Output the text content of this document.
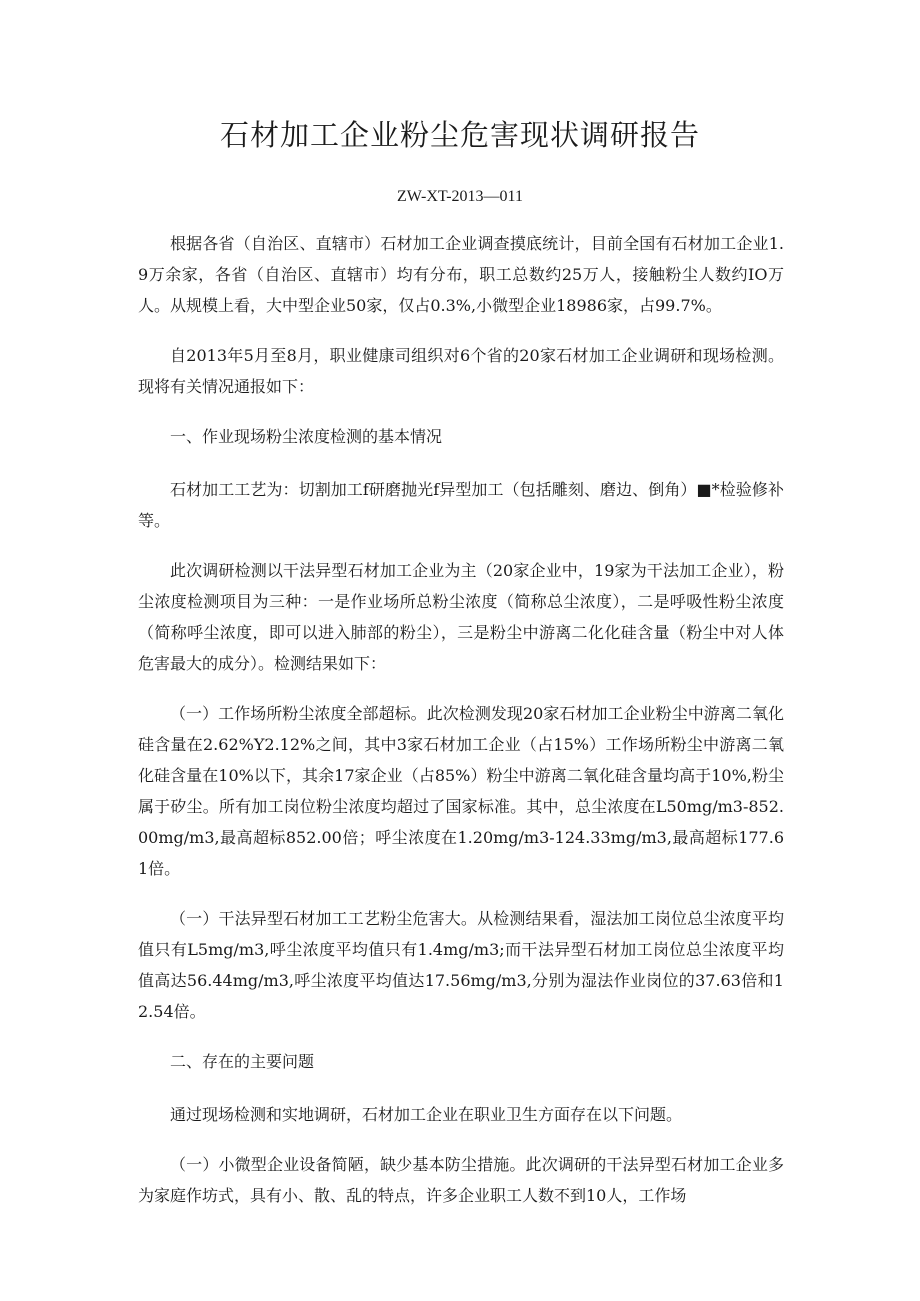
石材加工企业粉尘危害现状调研报告
ZW-XT-2013—011

根据各省（自治区、直辖市）石材加工企业调查摸底统计，目前全国有石材加工企业1.9万余家，各省（自治区、直辖市）均有分布，职工总数约25万人，接触粉尘人数约IO万人。从规模上看，大中型企业50家，仅占0.3%,小微型企业18986家，占99.7%。

自2013年5月至8月，职业健康司组织对6个省的20家石材加工企业调研和现场检测。现将有关情况通报如下：

一、作业现场粉尘浓度检测的基本情况

石材加工工艺为：切割加工f研磨抛光f异型加工（包括雕刻、磨边、倒角）■*检验修补等。

此次调研检测以干法异型石材加工企业为主（20家企业中，19家为干法加工企业），粉尘浓度检测项目为三种：一是作业场所总粉尘浓度（简称总尘浓度），二是呼吸性粉尘浓度（简称呼尘浓度，即可以进入肺部的粉尘），三是粉尘中游离二化化硅含量（粉尘中对人体危害最大的成分）。检测结果如下：

（一）工作场所粉尘浓度全部超标。此次检测发现20家石材加工企业粉尘中游离二氧化硅含量在2.62%Y2.12%之间，其中3家石材加工企业（占15%）工作场所粉尘中游离二氧化硅含量在10%以下，其余17家企业（占85%）粉尘中游离二氧化硅含量均高于10%,粉尘属于矽尘。所有加工岗位粉尘浓度均超过了国家标准。其中，总尘浓度在L50mg∕m3-852.00mg∕m3,最高超标852.00倍；呼尘浓度在1.20mg∕m3-124.33mg∕m3,最高超标177.61倍。

（一）干法异型石材加工工艺粉尘危害大。从检测结果看，湿法加工岗位总尘浓度平均值只有L5mg∕m3,呼尘浓度平均值只有1.4mg∕m3;而干法异型石材加工岗位总尘浓度平均值高达56.44mg∕m3,呼尘浓度平均值达17.56mg∕m3,分别为湿法作业岗位的37.63倍和12.54倍。

二、存在的主要问题

通过现场检测和实地调研，石材加工企业在职业卫生方面存在以下问题。

（一）小微型企业设备简陋，缺少基本防尘措施。此次调研的干法异型石材加工企业多为家庭作坊式，具有小、散、乱的特点，许多企业职工人数不到10人，工作场
